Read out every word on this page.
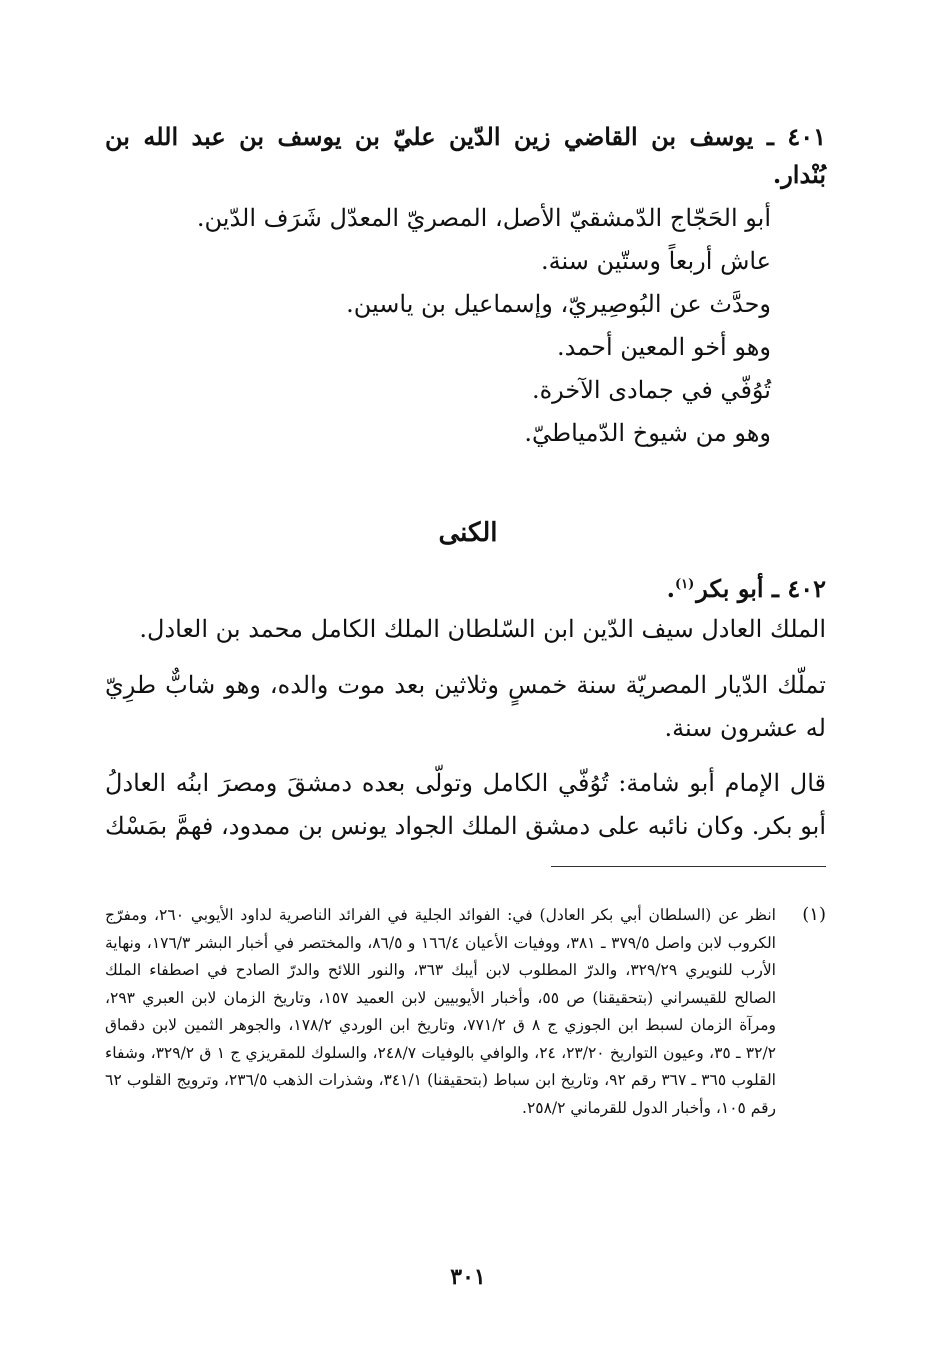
٤٠١ ـ يوسف بن القاضي زين الدّين عليّ بن يوسف بن عبد الله بن
بُنْدار.
أبو الحَجّاج الدّمشقيّ الأصل، المصريّ المعدّل شَرَف الدّين.
عاش أربعاً وستّين سنة.
وحدَّث عن البُوصِيريّ، وإسماعيل بن ياسين.
وهو أخو المعين أحمد.
تُوُفّي في جمادى الآخرة.
وهو من شيوخ الدّمياطيّ.
الكنى
٤٠٢ ـ أبو بكر$^{(١)}$.
الملك العادل سيف الدّين ابن السّلطان الملك الكامل محمد بن العادل.
تملّك الدّيار المصريّة سنة خمسٍ وثلاثين بعد موت والده، وهو شابٌّ طرِيّ
له عشرون سنة.
قال الإمام أبو شامة: تُوُفّي الكامل وتولّى بعده دمشقَ ومصرَ ابنُه العادلُ
أبو بكر. وكان نائبه على دمشق الملك الجواد يونس بن ممدود، فهمَّ بمَسْك
(١)
انظر عن (السلطان أبي بكر العادل) في: الفوائد الجلية في الفرائد الناصرية لداود الأيوبي ٢٦٠، ومفرّج الكروب لابن واصل ٣٧٩/٥ ـ ٣٨١، ووفيات الأعيان ١٦٦/٤ و ٨٦/٥، والمختصر في أخبار البشر ١٧٦/٣، ونهاية الأرب للنويري ٣٢٩/٢٩، والدرّ المطلوب لابن أيبك ٣٦٣، والنور اللائح والدرّ الصادح في اصطفاء الملك الصالح للقيسراني (بتحقيقنا) ص ٥٥، وأخبار الأيوبيين لابن العميد ١٥٧، وتاريخ الزمان لابن العبري ٢٩٣، ومرآة الزمان لسبط ابن الجوزي ج ٨ ق ٧٧١/٢، وتاريخ ابن الوردي ١٧٨/٢، والجوهر الثمين لابن دقماق ٣٢/٢ ـ ٣٥، وعيون التواريخ ٢٣/٢٠، ٢٤، والوافي بالوفيات ٢٤٨/٧، والسلوك للمقريزي ج ١ ق ٣٢٩/٢، وشفاء القلوب ٣٦٥ ـ ٣٦٧ رقم ٩٢، وتاريخ ابن سباط (بتحقيقنا) ٣٤١/١، وشذرات الذهب ٢٣٦/٥، وترويج القلوب ٦٢ رقم ١٠٥، وأخبار الدول للقرماني ٢٥٨/٢.
٣٠١
